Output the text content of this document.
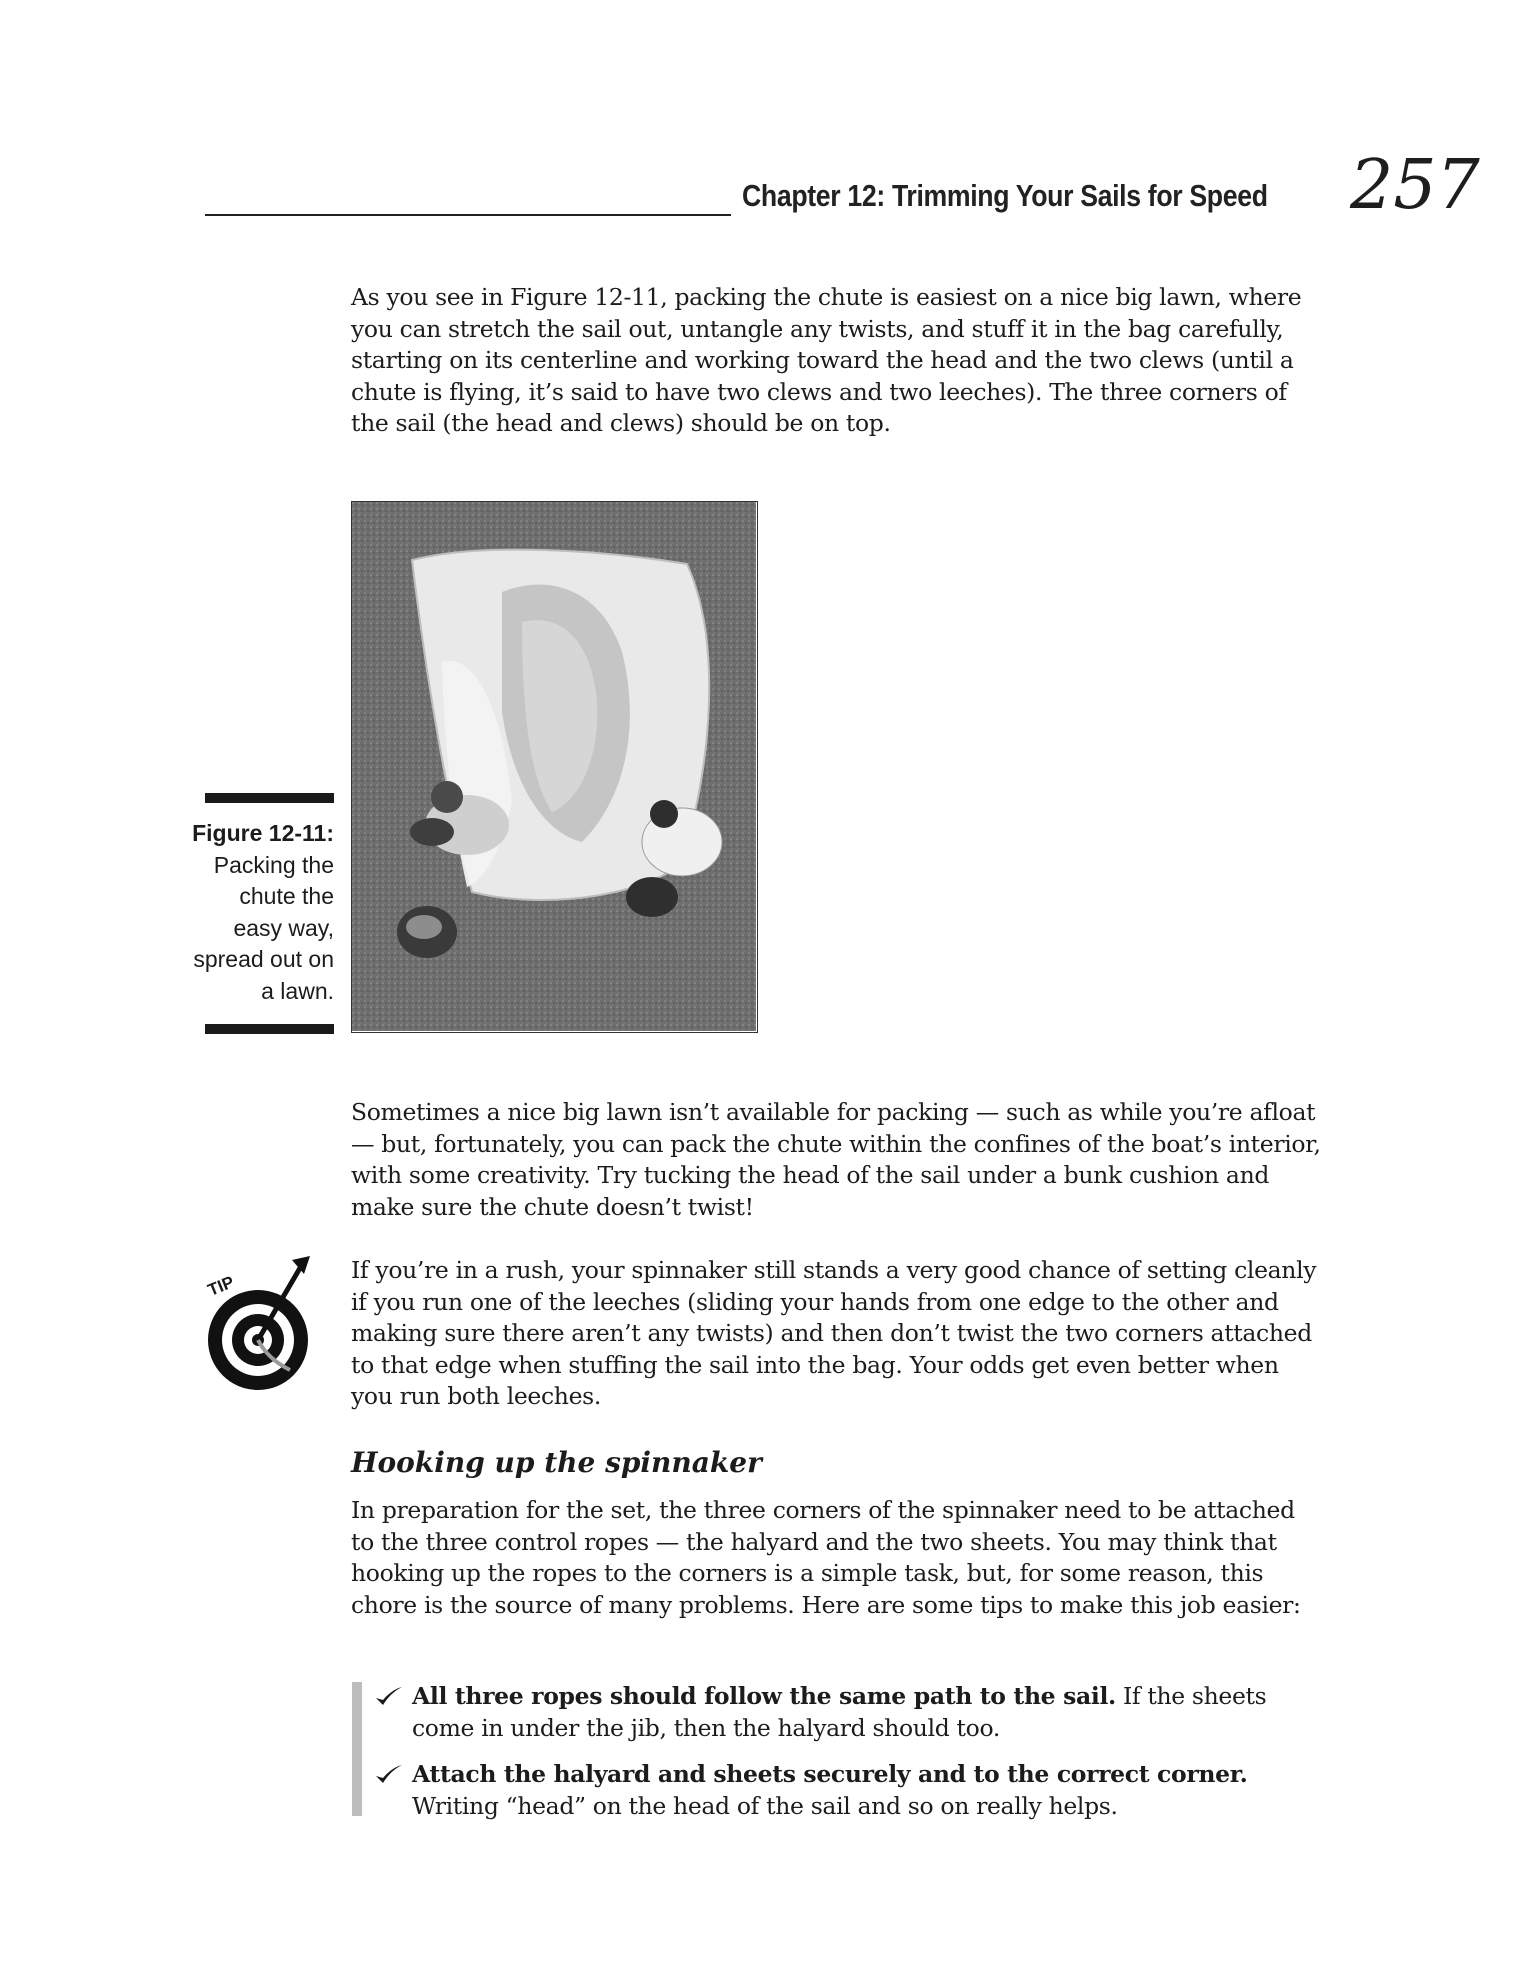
Chapter 12: Trimming Your Sails for Speed 257

As you see in Figure 12-11, packing the chute is easiest on a nice big lawn, where you can stretch the sail out, untangle any twists, and stuff it in the bag carefully, starting on its centerline and working toward the head and the two clews (until a chute is flying, it’s said to have two clews and two leeches). The three corners of the sail (the head and clews) should be on top.

Figure 12-11:
Packing the chute the easy way, spread out on a lawn.

Sometimes a nice big lawn isn’t available for packing — such as while you’re afloat — but, fortunately, you can pack the chute within the confines of the boat’s interior, with some creativity. Try tucking the head of the sail under a bunk cushion and make sure the chute doesn’t twist!

TIP

If you’re in a rush, your spinnaker still stands a very good chance of setting cleanly if you run one of the leeches (sliding your hands from one edge to the other and making sure there aren’t any twists) and then don’t twist the two corners attached to that edge when stuffing the sail into the bag. Your odds get even better when you run both leeches.

Hooking up the spinnaker

In preparation for the set, the three corners of the spinnaker need to be attached to the three control ropes — the halyard and the two sheets. You may think that hooking up the ropes to the corners is a simple task, but, for some reason, this chore is the source of many problems. Here are some tips to make this job easier:

All three ropes should follow the same path to the sail. If the sheets come in under the jib, then the halyard should too.
Attach the halyard and sheets securely and to the correct corner. Writing “head” on the head of the sail and so on really helps.
